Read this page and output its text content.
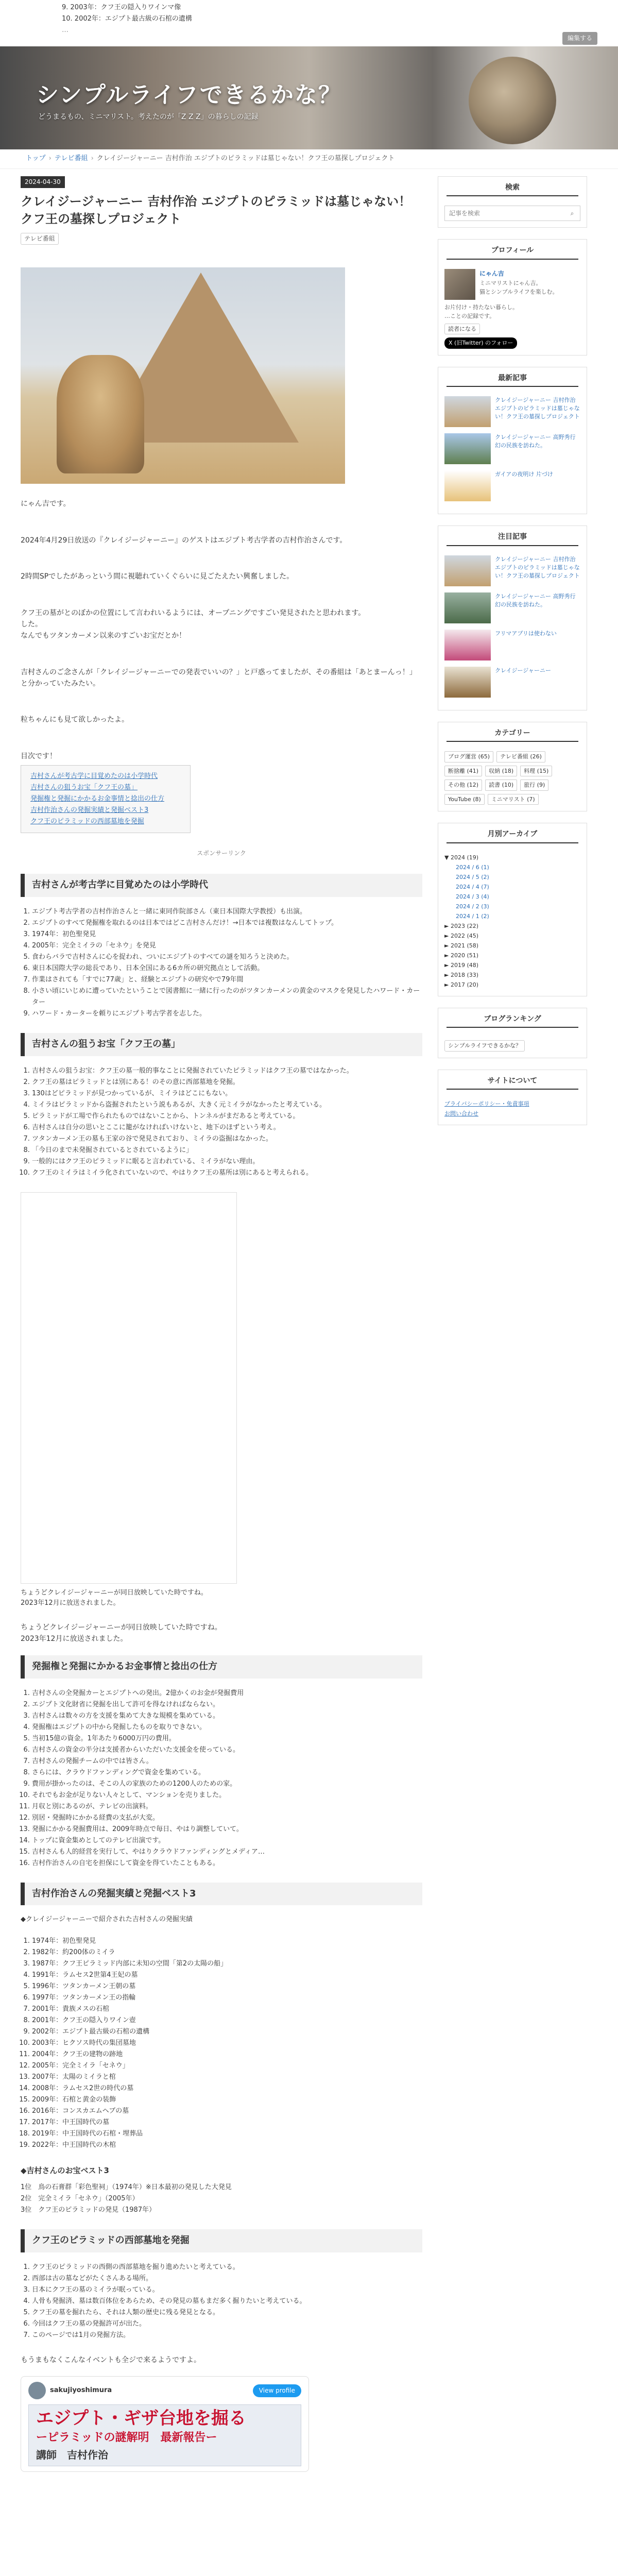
9. 2003年：クフ王の隠入りワインマ像
10. 2002年：エジプト最古級の石棺の遺構
…
編集する
シンプルライフできるかな？
どうまるもの、ミニマリスト。考えたのが「Z Z Z」の暮らしの記録
トップ › テレビ番組 › クレイジージャーニー 吉村作治 エジプトのピラミッドは墓じゃない！クフ王の墓探しプロジェクト
2024-04-30
クレイジージャーニー 吉村作治 エジプトのピラミッドは墓じゃない！クフ王の墓探しプロジェクト
テレビ番組

にゃん吉です。

2024年4月29日放送の『クレイジージャーニー』のゲストはエジプト考古学者の吉村作治さんです。

2時間SPでしたがあっという間に視聴れていくぐらいに見ごたえたい興奮しました。

クフ王の墓がとのぼかの位置にして言われいるようには、オープニングですごい発見されたと思われます。

した。

なんでもツタンカーメン以来のすごいお宝だとか！

吉村さんのご念さんが「クレイジージャーニーでの発表でいいの？」と戸惑ってましたが、その番組は「あとまーんっ！」と分かっていたみたい。

粒ちゃんにも見て欲しかったよ。

目次です！

吉村さんが考古学に目覚めたのは小学時代
吉村さんの狙うお宝「クフ王の墓」
発掘権と発掘にかかるお金事情と捻出の仕方
吉村作治さんの発掘実績と発掘ベスト3
クフ王のピラミッドの西部墓地を発掘
スポンサーリンク
吉村さんが考古学に目覚めたのは小学時代
1. エジプト考古学者の吉村作治さんと一緒に東同作院部さん（東日本国際大学教授）も出演。
2. エジプトのすべて発掘権を取れるのは日本ではどこ吉村さんだけ！→日本では複数はなんしてトップ。
3. 1974年：初色聖発見
4. 2005年：完全ミイラの「セネウ」を発見
5. 食わらバラで吉村さんに心を捉われ、ついにエジプトのすべての謎を知ろうと決めた。
6. 東日本国際大学の総長であり、日本全国にある6カ所の研究拠点として活動。
7. 作業はされても「すでに77歳」と、経験とエジプトの研究やで79年間
8. 小さい頃にいじめに遭っていたということで図書館に一緒に行ったのがツタンカーメンの黄金のマスクを発見したハワード・カーター
9. ハワード・カーターを頼りにエジプト考古学者を志した。
吉村さんの狙うお宝「クフ王の墓」
1. 吉村さんの狙うお宝：クフ王の墓一般的事なことに発掘されていたピラミッドはクフ王の墓ではなかった。
2. クフ王の墓はピラミッドとは別にある！のその意に西部墓地を発掘。
3. 130はどピラミッドが見つかっているが、ミイラはどこにもない。
4. ミイラはピラミッドから盗掘されたという説もあるが、大きく元ミイラがなかったと考えている。
5. ピラミッドが工場で作られたものではないことから、トンネルがまだあると考えている。
6. 吉村さんは自分の思いとここに籠がなければいけないと、地下のほずという考え。
7. ツタンカーメン王の墓も王家の谷で発見されており、ミイラの盗掘はなかった。
8. 「今日のまで未発掘されているとされているように」
9. 一般的にはクフ王のピラミッドに眠ると言われている、ミイラがない理由。
10. クフ王のミイラはミイラ化されていないので、やはりクフ王の墓所は別にあると考えられる。
ちょうどクレイジージャーニーが同日放映していた時ですね。
2023年12月に放送されました。

ちょうどクレイジージャーニーが同日放映していた時ですね。

2023年12月に放送されました。

発掘権と発掘にかかるお金事情と捻出の仕方
1. 吉村さんの全発掘カーとエジプトへの発出。2億かくのお金が発掘費用
2. エジプト文化財省に発掘を出して許可を得なければならない。
3. 吉村さんは数々の方を支援を集めて大きな規模を集めている。
4. 発掘権はエジプトの中から発掘したものを取りできない。
5. 当初15億の資金。1年あたり6000万円の費用。
6. 吉村さんの資金の半分は支援者からいただいた支援金を使っている。
7. 吉村さんの発掘チームの中では皆さん。
8. さらには、クラウドファンディングで資金を集めている。
9. 費用が掛かったのは、そこの人の家族のための1200人のための家。
10. それでもお金が足りない人々として、マンションを売りました。
11. 月収と別にあるのが、テレビの出演料。
12. 別居・発掘時にかかる経費の支払が大変。
13. 発掘にかかる発掘費用は、2009年時点で毎日、やはり調整していて。
14. トップに資金集めとしてのテレビ出演です。
15. 吉村さんも人的経営を実行して、やはりクラウドファンディングとメディア…
16. 吉村作治さんの自宅を担保にして資金を得ていたこともある。
吉村作治さんの発掘実績と発掘ベスト3

◆クレイジージャーニーで紹介された吉村さんの発掘実績

1. 1974年：初色聖発見
2. 1982年：約200体のミイラ
3. 1987年：クフ王ピラミッド内部に未知の空間「第2の太陽の船」
4. 1991年：ラムセス2世第4王妃の墓
5. 1996年：ツタンカーメン王朝の墓
6. 1997年：ツタンカーメン王の指輪
7. 2001年：貴族メスの石棺
8. 2001年：クフ王の隠入りワイン壺
9. 2002年：エジプト最古級の石棺の遺構
10. 2003年：ヒクソス時代の集団墓地
11. 2004年：クフ王の建物の跡地
12. 2005年：完全ミイラ「セネウ」
13. 2007年：太陽のミイラと棺
14. 2008年：ラムセス2世の時代の墓
15. 2009年：石棺と黄金の装飾
16. 2016年：コンスカエムヘブの墓
17. 2017年：中王国時代の墓
18. 2019年：中王国時代の石棺・埋葬品
19. 2022年：中王国時代の木棺
◆吉村さんのお宝ベスト3
1位　鳥の石膏群「彩色聖祠」（1974年）※日本最初の発見した大発見
2位　完全ミイラ「セネウ」（2005年）
3位　クフ王のピラミッドの発見（1987年）
クフ王のピラミッドの西部墓地を発掘
1. クフ王のピラミッドの西側の西部墓地を掘り進めたいと考えている。
2. 西部は古の墓などがたくさんある場所。
3. 日本にクフ王の墓のミイラが眠っている。
4. 人骨も発掘済、墓は数百体位をあらため、その発見の墓もまだ多く掘りたいと考えている。
5. クフ王の墓を掘れたら、それは人類の歴史に残る発見となる。
6. 今回はクフ王の墓の発掘許可が出た。
7. このページでは1月の発掘方法。

もうまもなくこんなイベントも全ジで来るようですよ。

sakujiyoshimura	View profile
エジプト・ギザ台地を掘る
ーピラミッドの謎解明　最新報告ー
講師　吉村作治
検索
記事を検索
⌕
プロフィール
にゃん吉
ミニマリストにゃん吉。
猫とシンプルライフを楽しむ。
お片付け・持たない暮らし。
…ことの記録です。
読者になる
X (旧Twitter) のフォロー
最新記事
クレイジージャーニー 吉村作治 エジプトのピラミッドは墓じゃない！クフ王の墓探しプロジェクト
クレイジージャーニー 高野秀行 幻の民族を訪ねた。
ガイアの夜明け 片づけ
注目記事
クレイジージャーニー 吉村作治 エジプトのピラミッドは墓じゃない！クフ王の墓探しプロジェクト
クレイジージャーニー 高野秀行 幻の民族を訪ねた。
フリマアプリは使わない
クレイジージャーニー
カテゴリー
ブログ運営 (65)	テレビ番組 (26)
断捨離 (41)	収納 (18)	料理 (15)
その他 (12)	読書 (10)	旅行 (9)
YouTube (8)	ミニマリスト (7)
月別アーカイブ
▼ 2024 (19)
2024 / 6 (1)
2024 / 5 (2)
2024 / 4 (7)
2024 / 3 (4)
2024 / 2 (3)
2024 / 1 (2)
► 2023 (22)
► 2022 (45)
► 2021 (58)
► 2020 (51)
► 2019 (48)
► 2018 (33)
► 2017 (20)
ブログランキング
シンプルライフできるかな？
サイトについて
プライバシーポリシー・免責事項
お問い合わせ
